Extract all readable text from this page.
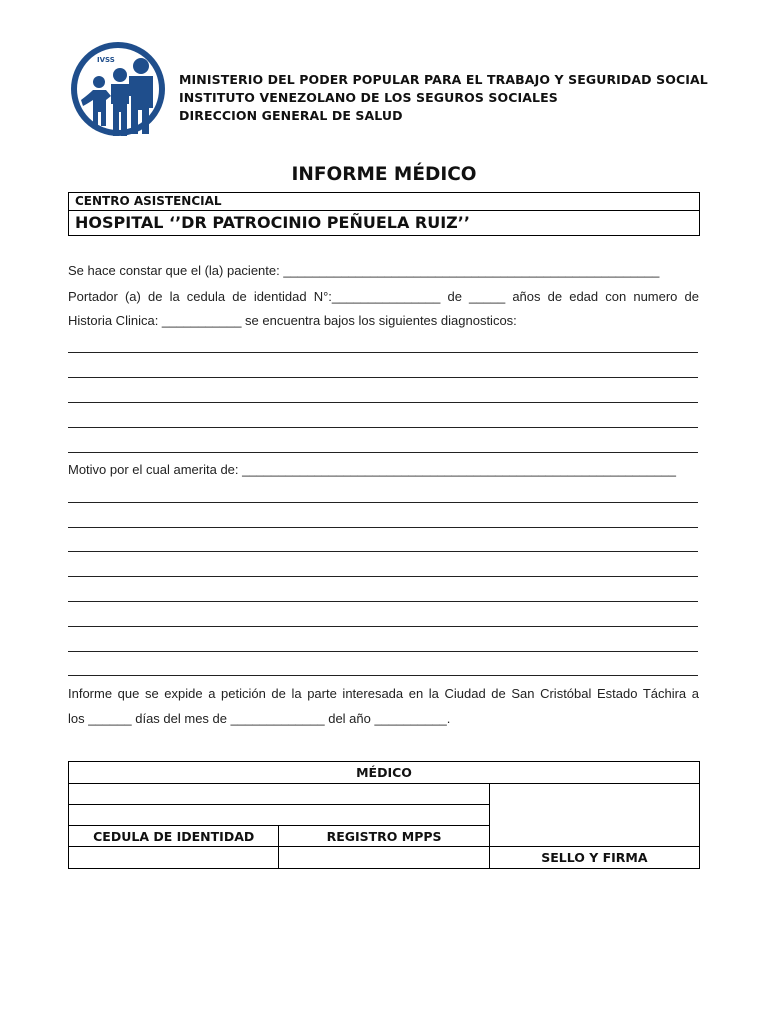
IVSS
MINISTERIO DEL PODER POPULAR PARA EL TRABAJO Y SEGURIDAD SOCIAL
INSTITUTO VENEZOLANO DE LOS SEGUROS SOCIALES
DIRECCION GENERAL DE SALUD
INFORME MÉDICO
CENTRO ASISTENCIAL
HOSPITAL ‘’DR PATROCINIO PEÑUELA RUIZ’’
Se hace constar que el (la) paciente: ____________________________________________________
Portador (a) de la cedula de identidad N°:_______________ de _____ años de edad con numero de
Historia Clinica: ___________ se encuentra bajos los siguientes diagnosticos:
Motivo por el cual amerita de: ____________________________________________________________
Informe que se expide a petición de la parte interesada en la Ciudad de San Cristóbal Estado Táchira a
los ______ días del mes de _____________ del año __________.
MÉDICO		

CEDULA DE IDENTIDAD	REGISTRO MPPS	
		SELLO Y FIRMA
